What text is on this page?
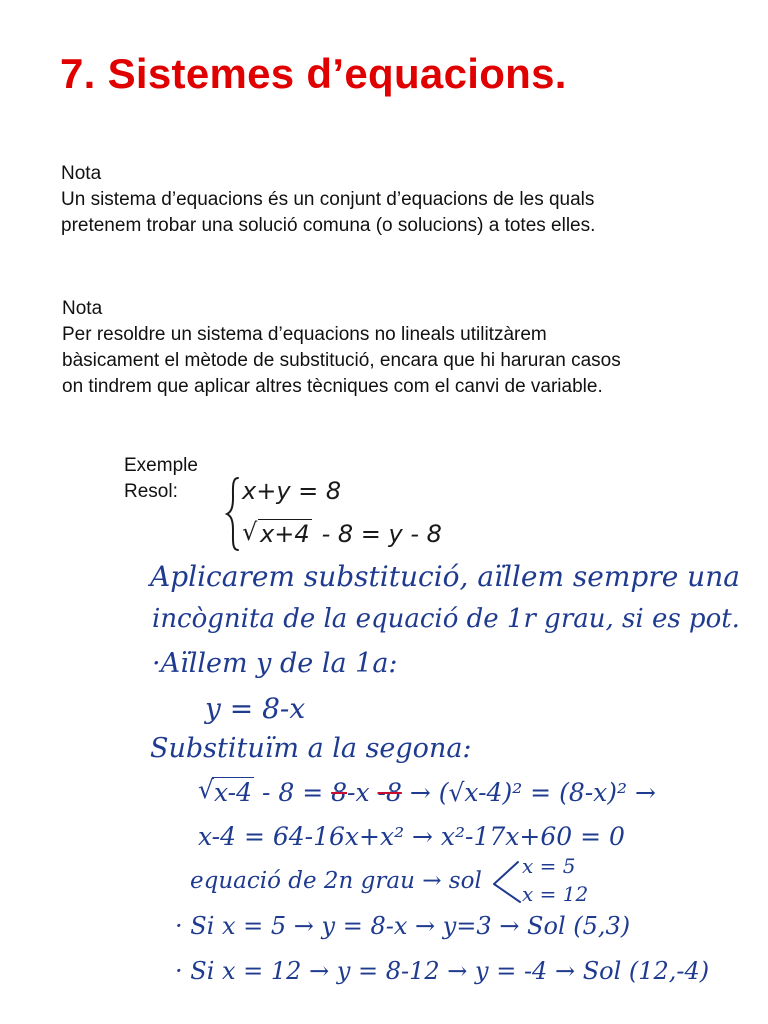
7. Sistemes d’equacions.
Nota
Un sistema d’equacions és un conjunt d’equacions de les quals
pretenem trobar una solució comuna (o solucions) a totes elles.
Nota
Per resoldre un sistema d’equacions no lineals utilitzàrem
bàsicament el mètode de substitució, encara que hi haruran casos
on tindrem que aplicar altres tècniques com el canvi de variable.
Exemple
Resol:	x+y = 8
√ x+4 - 8 = y - 8
Aplicarem substitució, aïllem sempre una
incògnita de la equació de 1r grau, si es pot.
·Aïllem y de la 1a:
y = 8-x
Substituïm a la segona:
√ x-4 - 8 = 8-x -8 → (√x-4)² = (8-x)² →
x-4 = 64-16x+x² → x²-17x+60 = 0
equació de 2n grau → sol
x = 5
x = 12
· Si x = 5 → y = 8-x → y=3 → Sol (5,3)
· Si x = 12 → y = 8-12 → y = -4 → Sol (12,-4)
